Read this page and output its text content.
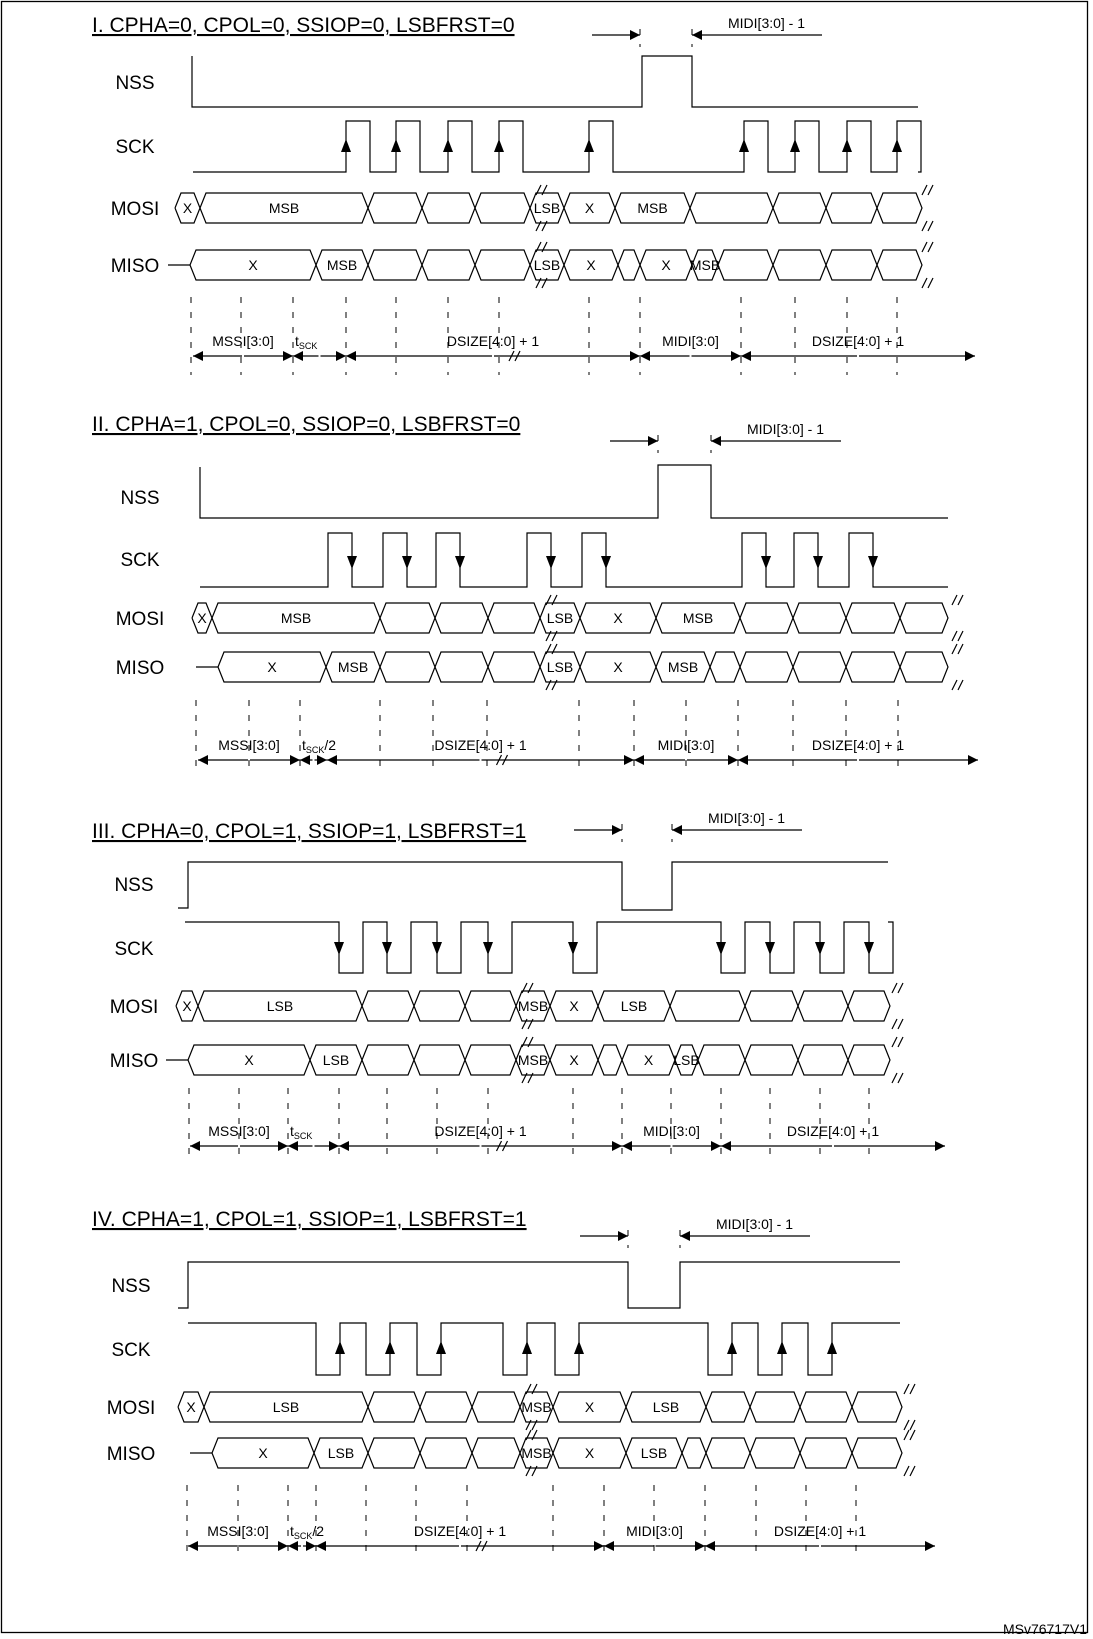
I. CPHA=0, CPOL=0, SSIOP=0, LSBFRST=0	MIDI[3:0] - 1
NSS
SCK
MOSI
MISO
X	MSB	LSB X	MSB
X	MSB	LSB X	X MSB
MSSI[3:0] $t_{SCK}$	DSIZE[4:0] + 1	MIDI[3:0]	DSIZE[4:0] + 1
II. CPHA=1, CPOL=0, SSIOP=0, LSBFRST=0	MIDI[3:0] - 1
NSS
SCK
MOSI
MISO
X	MSB	LSB	X	MSB
X	MSB	LSB	X	MSB
MSSI[3:0] $t_{SCK}/2$	DSIZE[4:0] + 1	MIDI[3:0]	DSIZE[4:0] + 1
III. CPHA=0, CPOL=1, SSIOP=1, LSBFRST=1
MIDI[3:0] - 1
NSS
SCK
MOSI
MISO
X	LSB	MSB X	LSB
X	LSB	MSB X	X LSB
MSSI[3:0] $t_{SCK}$	DSIZE[4:0] + 1	MIDI[3:0]	DSIZE[4:0] + 1
IV. CPHA=1, CPOL=1, SSIOP=1, LSBFRST=1	MIDI[3:0] - 1
NSS
SCK
MOSI
MISO
X	LSB	MSB X	LSB
X	LSB	MSB X	LSB
MSSI[3:0] $t_{SCK}/2$	DSIZE[4:0] + 1	MIDI[3:0]	DSIZE[4:0] + 1
MSv76717V1
